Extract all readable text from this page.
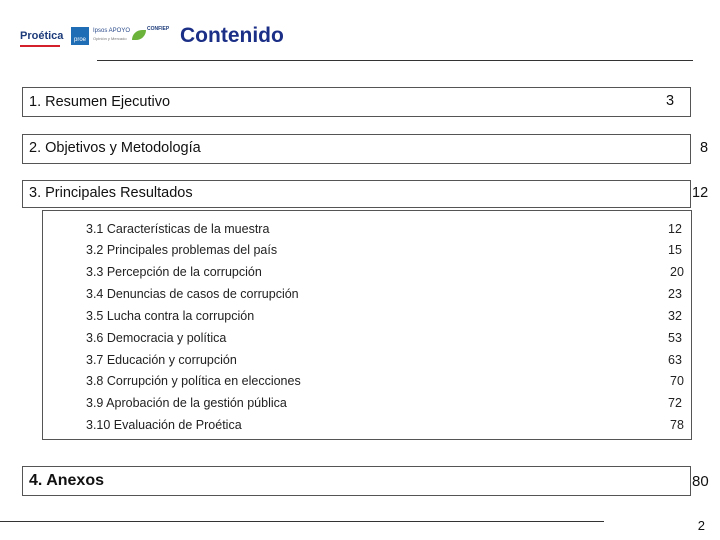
Proética	proe
Ipsos APOYO
Opinión y Mercado
CONFIEP Contenido
1. Resumen Ejecutivo	3
2. Objetivos y Metodología	8
3. Principales Resultados	12
3.1 Características de la muestra	12
3.2 Principales problemas del país	15
3.3 Percepción de la corrupción	20
3.4 Denuncias de casos de corrupción	23
3.5 Lucha contra la corrupción	32
3.6 Democracia y política	53
3.7 Educación y corrupción	63
3.8 Corrupción y política en elecciones	70
3.9 Aprobación de la gestión pública	72
3.10 Evaluación de Proética	78
4. Anexos	80
2
